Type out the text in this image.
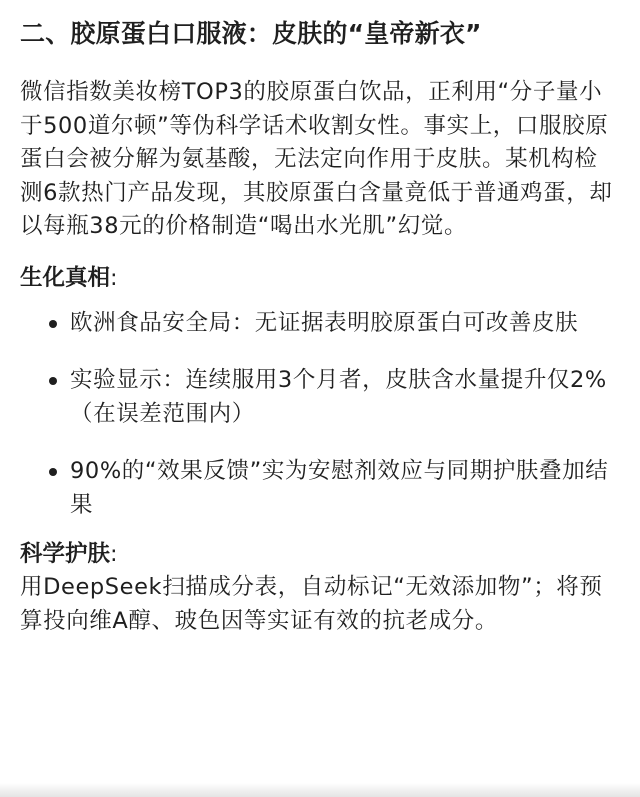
二、胶原蛋白口服液：皮肤的“皇帝新衣”

微信指数美妆榜TOP3的胶原蛋白饮品，正利用“分子量小于500道尔顿”等伪科学话术收割女性。事实上，口服胶原蛋白会被分解为氨基酸，无法定向作用于皮肤。某机构检测6款热门产品发现，其胶原蛋白含量竟低于普通鸡蛋，却以每瓶38元的价格制造“喝出水光肌”幻觉。

生化真相:

欧洲食品安全局：无证据表明胶原蛋白可改善皮肤
实验显示：连续服用3个月者，皮肤含水量提升仅2%（在误差范围内）
90%的“效果反馈”实为安慰剂效应与同期护肤叠加结果

科学护肤:

用DeepSeek扫描成分表，自动标记“无效添加物”；将预算投向维A醇、玻色因等实证有效的抗老成分。
